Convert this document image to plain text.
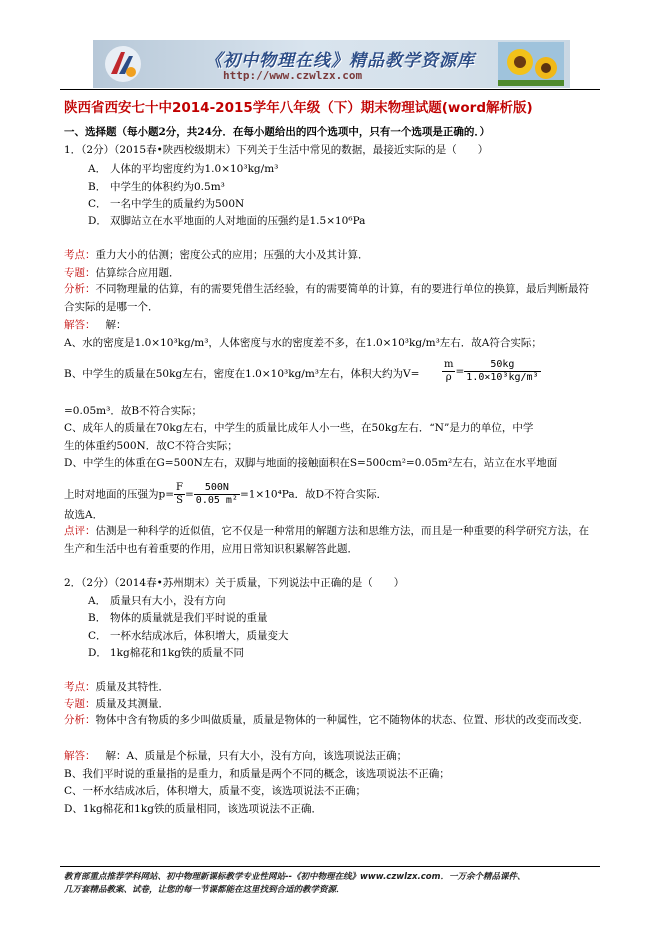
《初中物理在线》精品教学资源库
http://www.czwlzx.com
陕西省西安七十中2014-2015学年八年级（下）期末物理试题(word解析版)
一、选择题（每小题2分，共24分．在每小题给出的四个选项中，只有一个选项是正确的．）
1．（2分）（2015春•陕西校级期末）下列关于生活中常见的数据，最接近实际的是（　　）
A． 人体的平均密度约为1.0×10³kg/m³
B． 中学生的体积约为0.5m³
C． 一名中学生的质量约为500N
D． 双脚站立在水平地面的人对地面的压强约是1.5×10⁶Pa
考点：重力大小的估测；密度公式的应用；压强的大小及其计算．
专题：估算综合应用题．
分析：不同物理量的估算，有的需要凭借生活经验，有的需要简单的计算，有的要进行单位的换算，最后判断最符合实际的是哪一个．
解答： 解：
A、水的密度是1.0×10³kg/m³，人体密度与水的密度差不多，在1.0×10³kg/m³左右．故A符合实际；
B、中学生的质量在50kg左右，密度在1.0×10³kg/m³左右，体积大约为$V= \frac{m}{\rho} = \frac{50kg}{\text{1.0×10³kg/m³}}$
=0.05m³．故B不符合实际；
C、成年人的质量在70kg左右，中学生的质量比成年人小一些，在50kg左右．“N”是力的单位，中学
生的体重约500N．故C不符合实际；
D、中学生的体重在G=500N左右，双脚与地面的接触面积在S=500cm²=0.05m²左右，站立在水平地面
上时对地面的压强为$p= \frac{F}{S} = \frac{500N}{\text{0.05 m²}} =1\times 10^4Pa$．故D不符合实际．
故选A．
点评：估测是一种科学的近似值，它不仅是一种常用的解题方法和思维方法，而且是一种重要的科学研究方法，在生产和生活中也有着重要的作用，应用日常知识积累解答此题．
2．（2分）（2014春•苏州期末）关于质量，下列说法中正确的是（　　）
A． 质量只有大小，没有方向
B． 物体的质量就是我们平时说的重量
C． 一杯水结成冰后，体积增大，质量变大
D． 1kg棉花和1kg铁的质量不同
考点：质量及其特性．
专题：质量及其测量．
分析：物体中含有物质的多少叫做质量，质量是物体的一种属性，它不随物体的状态、位置、形状的改变而改变．
解答： 解：A、质量是个标量，只有大小，没有方向，该选项说法正确；
B、我们平时说的重量指的是重力，和质量是两个不同的概念，该选项说法不正确；
C、一杯水结成冰后，体积增大，质量不变，该选项说法不正确；
D、1kg棉花和1kg铁的质量相同，该选项说法不正确．
教育部重点推荐学科网站、初中物理新课标教学专业性网站--《初中物理在线》www.czwlzx.com．一万余个精品课件、
几万套精品教案、试卷，让您的每一节课都能在这里找到合适的教学资源．
